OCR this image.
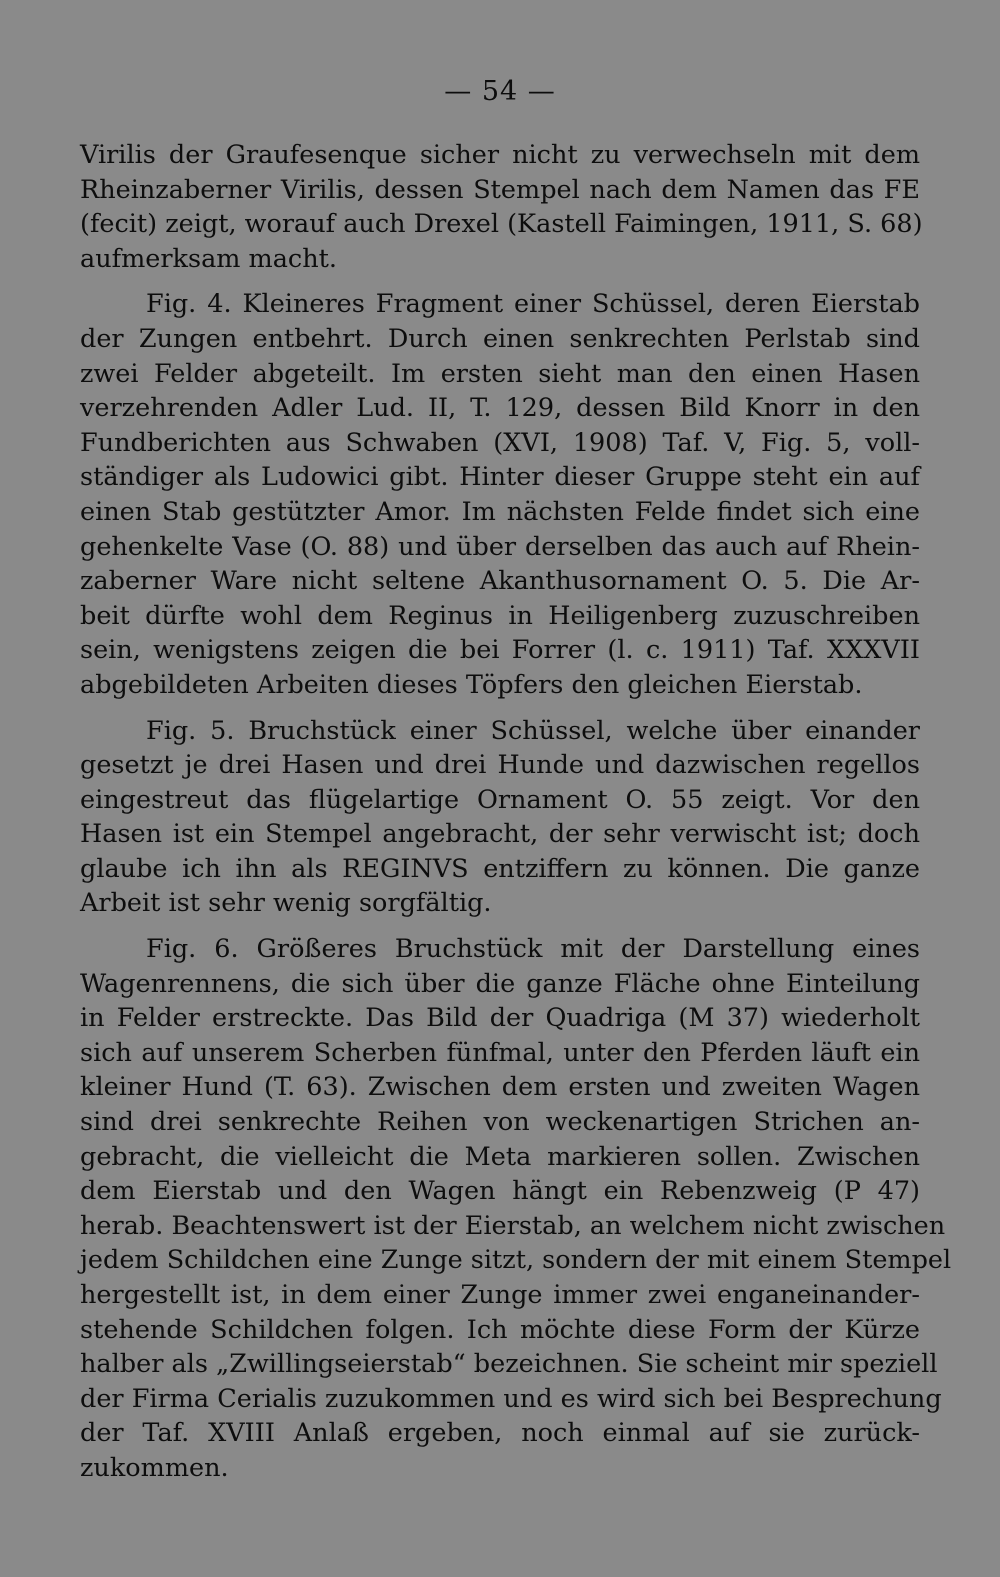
— 54 —
Virilis der Graufesenque sicher nicht zu verwechseln mit dem
Rheinzaberner Virilis, dessen Stempel nach dem Namen das FE
(fecit) zeigt, worauf auch Drexel (Kastell Faimingen, 1911, S. 68)
aufmerksam macht.
Fig. 4. Kleineres Fragment einer Schüssel, deren Eierstab
der Zungen entbehrt. Durch einen senkrechten Perlstab sind
zwei Felder abgeteilt. Im ersten sieht man den einen Hasen
verzehrenden Adler Lud. II, T. 129, dessen Bild Knorr in den
Fundberichten aus Schwaben (XVI, 1908) Taf. V, Fig. 5, voll-
ständiger als Ludowici gibt. Hinter dieser Gruppe steht ein auf
einen Stab gestützter Amor. Im nächsten Felde findet sich eine
gehenkelte Vase (O. 88) und über derselben das auch auf Rhein-
zaberner Ware nicht seltene Akanthusornament O. 5. Die Ar-
beit dürfte wohl dem Reginus in Heiligenberg zuzuschreiben
sein, wenigstens zeigen die bei Forrer (l. c. 1911) Taf. XXXVII
abgebildeten Arbeiten dieses Töpfers den gleichen Eierstab.
Fig. 5. Bruchstück einer Schüssel, welche über einander
gesetzt je drei Hasen und drei Hunde und dazwischen regellos
eingestreut das flügelartige Ornament O. 55 zeigt. Vor den
Hasen ist ein Stempel angebracht, der sehr verwischt ist; doch
glaube ich ihn als REGINVS entziffern zu können. Die ganze
Arbeit ist sehr wenig sorgfältig.
Fig. 6. Größeres Bruchstück mit der Darstellung eines
Wagenrennens, die sich über die ganze Fläche ohne Einteilung
in Felder erstreckte. Das Bild der Quadriga (M 37) wiederholt
sich auf unserem Scherben fünfmal, unter den Pferden läuft ein
kleiner Hund (T. 63). Zwischen dem ersten und zweiten Wagen
sind drei senkrechte Reihen von weckenartigen Strichen an-
gebracht, die vielleicht die Meta markieren sollen. Zwischen
dem Eierstab und den Wagen hängt ein Rebenzweig (P 47)
herab. Beachtenswert ist der Eierstab, an welchem nicht zwischen
jedem Schildchen eine Zunge sitzt, sondern der mit einem Stempel
hergestellt ist, in dem einer Zunge immer zwei enganeinander-
stehende Schildchen folgen. Ich möchte diese Form der Kürze
halber als „Zwillingseierstab“ bezeichnen. Sie scheint mir speziell
der Firma Cerialis zuzukommen und es wird sich bei Besprechung
der Taf. XVIII Anlaß ergeben, noch einmal auf sie zurück-
zukommen.
